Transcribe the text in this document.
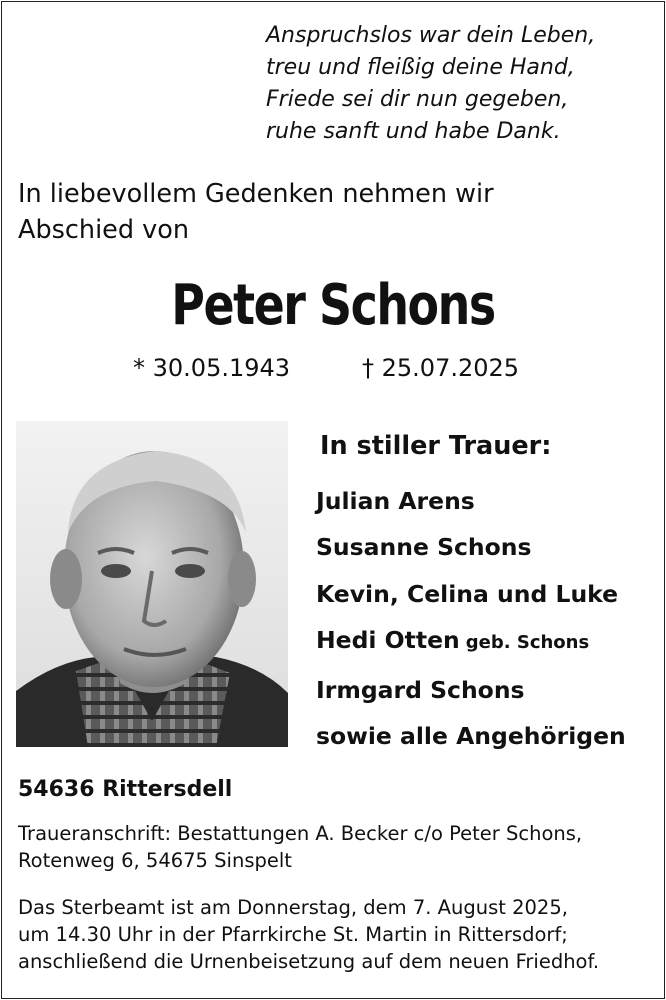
Anspruchslos war dein Leben,
treu und fleißig deine Hand,
Friede sei dir nun gegeben,
ruhe sanft und habe Dank.
In liebevollem Gedenken nehmen wir
Abschied von
Peter Schons
* 30.05.1943	† 25.07.2025
In stiller Trauer:
Julian Arens
Susanne Schons
Kevin, Celina und Luke
Hedi Otten geb. Schons
Irmgard Schons
sowie alle Angehörigen
54636 Rittersdell
Traueranschrift: Bestattungen A. Becker c/o Peter Schons,
Rotenweg 6, 54675 Sinspelt
Das Sterbeamt ist am Donnerstag, dem 7. August 2025,
um 14.30 Uhr in der Pfarrkirche St. Martin in Rittersdorf;
anschließend die Urnenbeisetzung auf dem neuen Friedhof.
